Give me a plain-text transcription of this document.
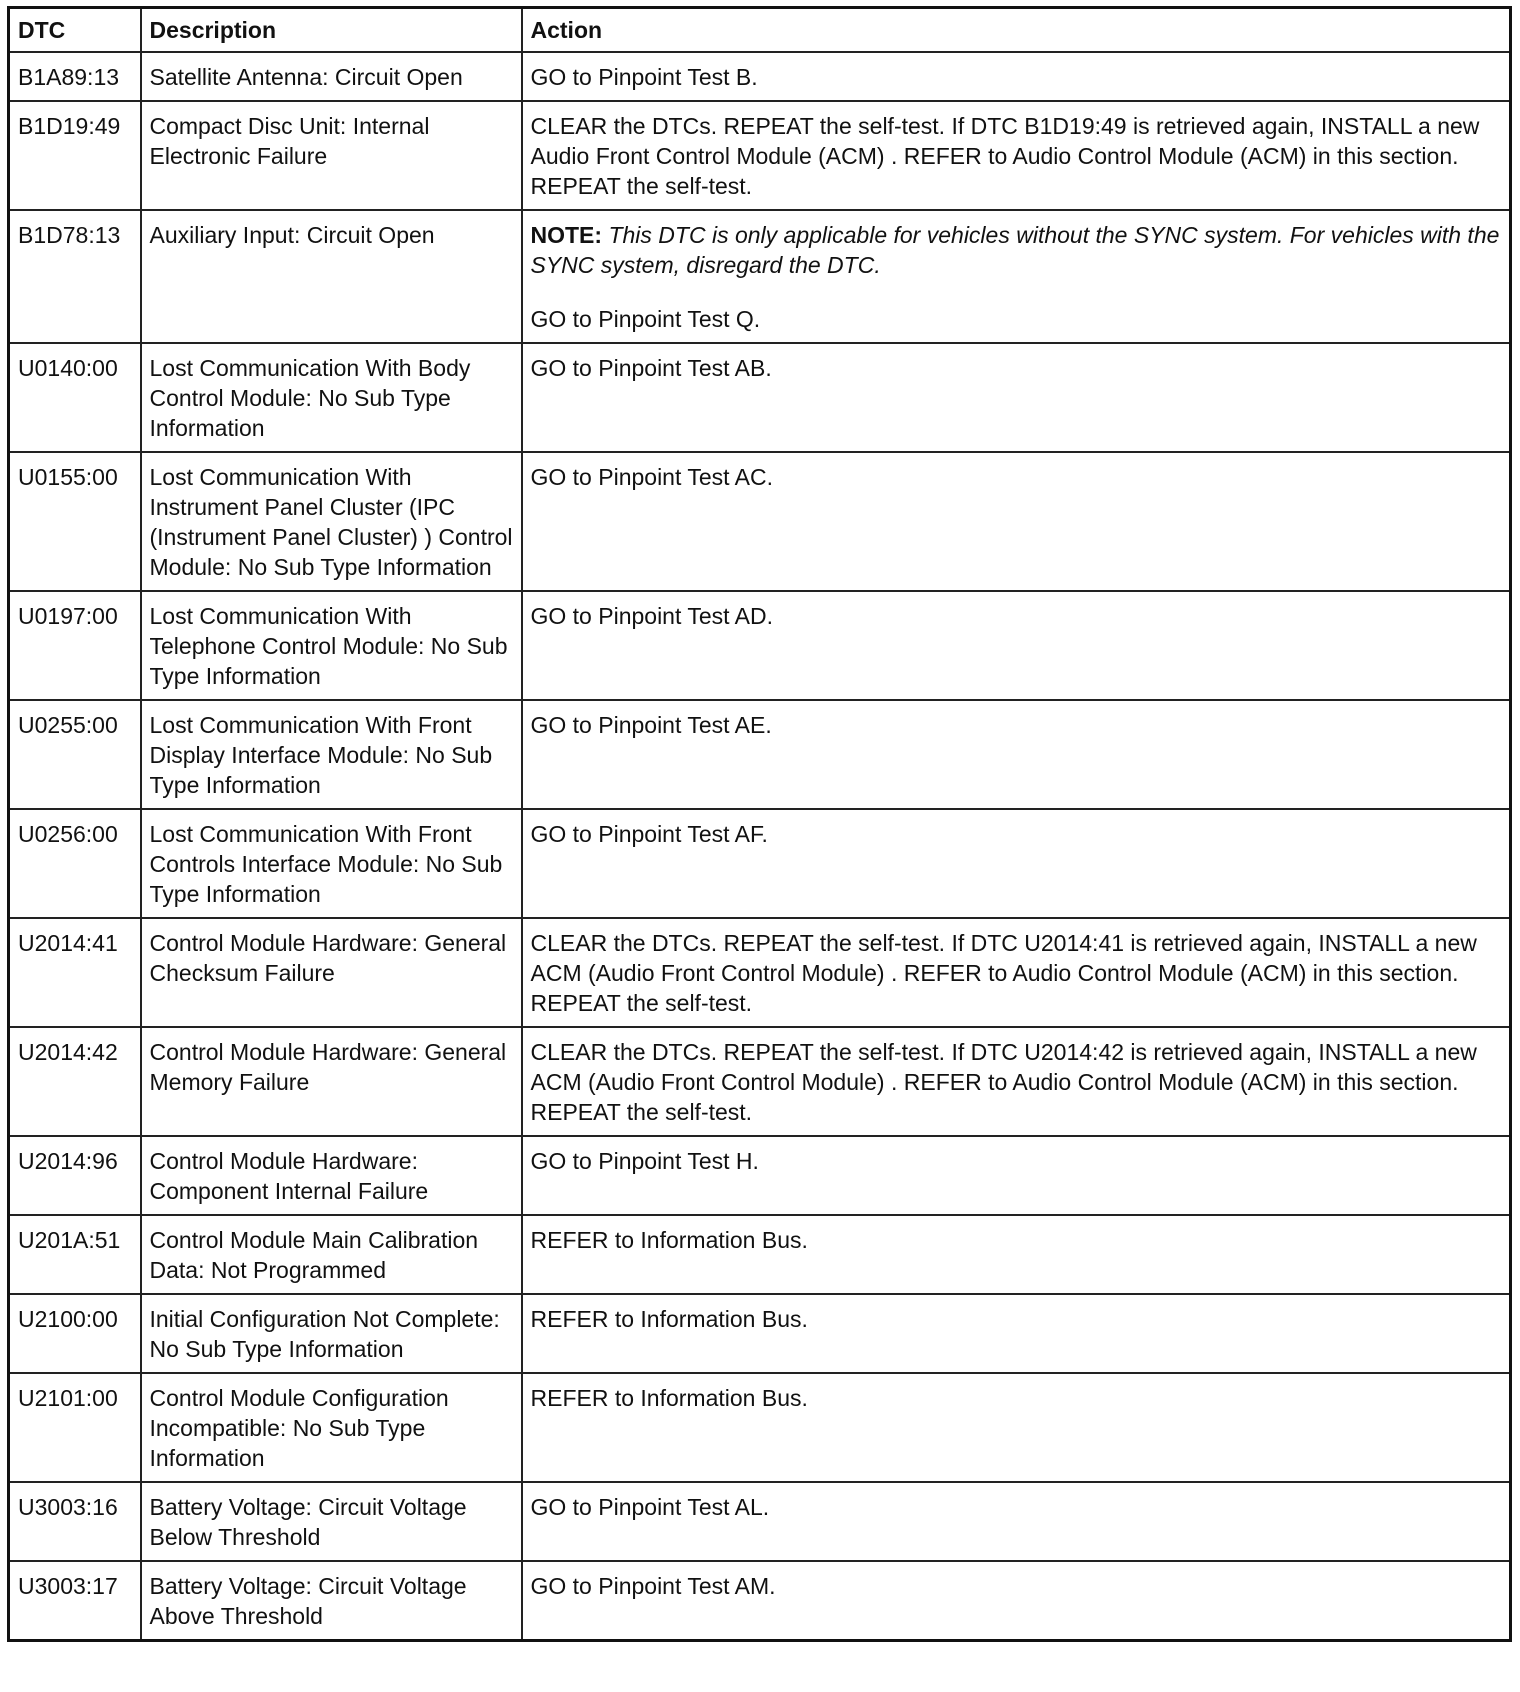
DTC	Description	Action
B1A89:13	Satellite Antenna: Circuit Open	GO to Pinpoint Test B.
B1D19:49	Compact Disc Unit: Internal Electronic Failure	CLEAR the DTCs. REPEAT the self-test. If DTC B1D19:49 is retrieved again, INSTALL a new Audio Front Control Module (ACM) . REFER to Audio Control Module (ACM) in this section. REPEAT the self-test.
B1D78:13	Auxiliary Input: Circuit Open	NOTE: This DTC is only applicable for vehicles without the SYNC system. For vehicles with the SYNC system, disregard the DTC.
GO to Pinpoint Test Q.

U0140:00	Lost Communication With Body Control Module: No Sub Type Information	GO to Pinpoint Test AB.
U0155:00	Lost Communication With Instrument Panel Cluster (IPC (Instrument Panel Cluster) ) Control Module: No Sub Type Information	GO to Pinpoint Test AC.
U0197:00	Lost Communication With Telephone Control Module: No Sub Type Information	GO to Pinpoint Test AD.
U0255:00	Lost Communication With Front Display Interface Module: No Sub Type Information	GO to Pinpoint Test AE.
U0256:00	Lost Communication With Front Controls Interface Module: No Sub Type Information	GO to Pinpoint Test AF.
U2014:41	Control Module Hardware: General Checksum Failure	CLEAR the DTCs. REPEAT the self-test. If DTC U2014:41 is retrieved again, INSTALL a new ACM (Audio Front Control Module) . REFER to Audio Control Module (ACM) in this section. REPEAT the self-test.
U2014:42	Control Module Hardware: General Memory Failure	CLEAR the DTCs. REPEAT the self-test. If DTC U2014:42 is retrieved again, INSTALL a new ACM (Audio Front Control Module) . REFER to Audio Control Module (ACM) in this section. REPEAT the self-test.
U2014:96	Control Module Hardware: Component Internal Failure	GO to Pinpoint Test H.
U201A:51	Control Module Main Calibration Data: Not Programmed	REFER to Information Bus.
U2100:00	Initial Configuration Not Complete: No Sub Type Information	REFER to Information Bus.
U2101:00	Control Module Configuration Incompatible: No Sub Type Information	REFER to Information Bus.
U3003:16	Battery Voltage: Circuit Voltage Below Threshold	GO to Pinpoint Test AL.
U3003:17	Battery Voltage: Circuit Voltage Above Threshold	GO to Pinpoint Test AM.
